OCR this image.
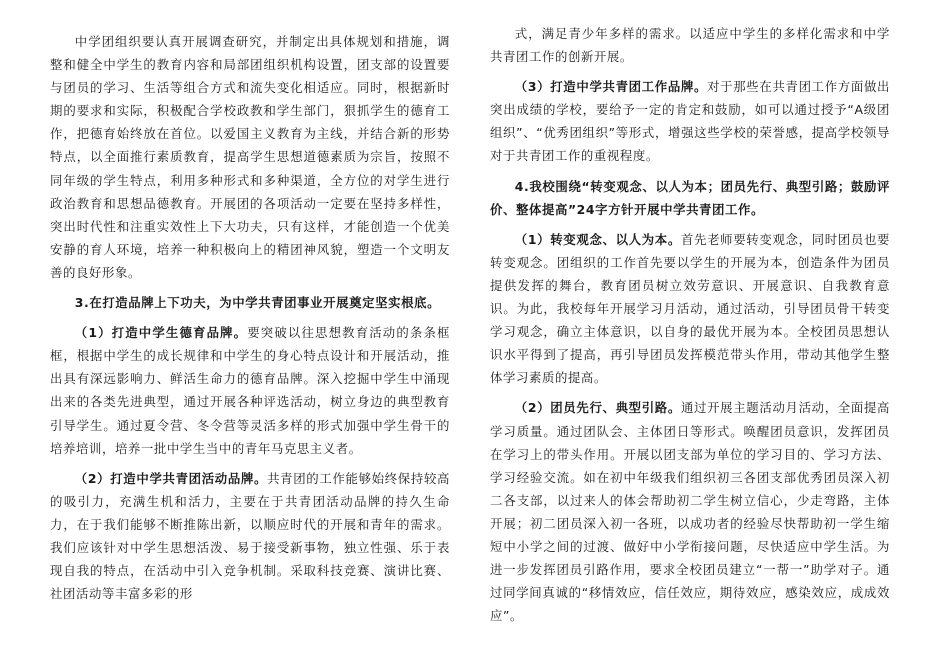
中学团组织要认真开展调查研究，并制定出具体规划和措施，调整和健全中学生的教育内容和局部团组织机构设置，团支部的设置要与团员的学习、生活等组合方式和流失变化相适应。同时，根据新时期的要求和实际，积极配合学校政教和学生部门，狠抓学生的德育工作，把德育始终放在首位。以爱国主义教育为主线，并结合新的形势特点，以全面推行素质教育，提高学生思想道德素质为宗旨，按照不同年级的学生特点，利用多种形式和多种渠道，全方位的对学生进行政治教育和思想品德教育。开展团的各项活动一定要在坚持多样性，突出时代性和注重实效性上下大功夫，只有这样，才能创造一个优美安静的育人环境，培养一种积极向上的精团神风貌，塑造一个文明友善的良好形象。

3.在打造品牌上下功夫，为中学共青团事业开展奠定坚实根底。

（1）打造中学生德育品牌。要突破以往思想教育活动的条条框框，根据中学生的成长规律和中学生的身心特点设计和开展活动，推出具有深远影响力、鲜活生命力的德育品牌。深入挖掘中学生中涌现出来的各类先进典型，通过开展各种评选活动，树立身边的典型教育引导学生。通过夏令营、冬令营等灵活多样的形式加强中学生骨干的培养培训，培养一批中学生当中的青年马克思主义者。

（2）打造中学共青团活动品牌。共青团的工作能够始终保持较高的吸引力，充满生机和活力，主要在于共青团活动品牌的持久生命力，在于我们能够不断推陈出新，以顺应时代的开展和青年的需求。我们应该针对中学生思想活泼、易于接受新事物，独立性强、乐于表现自我的特点，在活动中引入竞争机制。采取科技竞赛、演讲比赛、社团活动等丰富多彩的形

式，满足青少年多样的需求。以适应中学生的多样化需求和中学共青团工作的创新开展。

（3）打造中学共青团工作品牌。对于那些在共青团工作方面做出突出成绩的学校，要给予一定的肯定和鼓励，如可以通过授予“A级团组织”、“优秀团组织”等形式，增强这些学校的荣誉感，提高学校领导对于共青团工作的重视程度。

4.我校围绕“转变观念、以人为本；团员先行、典型引路；鼓励评价、整体提高”24字方针开展中学共青团工作。

（1）转变观念、以人为本。首先老师要转变观念，同时团员也要转变观念。团组织的工作首先要以学生的开展为本，创造条件为团员提供发挥的舞台，教育团员树立效劳意识、开展意识、自我教育意识。为此，我校每年开展学习月活动，通过活动，引导团员骨干转变学习观念，确立主体意识，以自身的最优开展为本。全校团员思想认识水平得到了提高，再引导团员发挥模范带头作用，带动其他学生整体学习素质的提高。

（2）团员先行、典型引路。通过开展主题活动月活动，全面提高学习质量。通过团队会、主体团日等形式。唤醒团员意识，发挥团员在学习上的带头作用。开展以团支部为单位的学习目的、学习方法、学习经验交流。如在初中年级我们组织初三各团支部优秀团员深入初二各支部，以过来人的体会帮助初二学生树立信心，少走弯路，主体开展；初二团员深入初一各班，以成功者的经验尽快帮助初一学生缩短中小学之间的过渡、做好中小学衔接问题，尽快适应中学生活。为进一步发挥团员引路作用，要求全校团员建立“一帮一”助学对子。通过同学间真诚的“移情效应，信任效应，期待效应，感染效应，成成效应”。
